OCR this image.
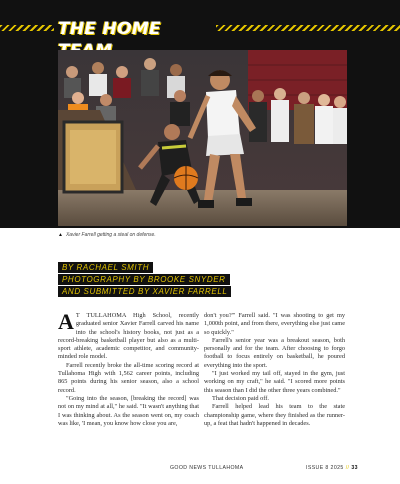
THE HOME
▲ Xavier Farrell getting a steal on defense.
BY RACHAEL SMITH
PHOTOGRAPHY BY BROOKE SNYDER
AND SUBMITTED BY XAVIER FARRELL

A T TULLAHOMA High School, recently graduated senior Xavier Farrell carved his name into the school's history books, not just as a record-breaking basketball player but also as a multi-sport athlete, academic competitor, and community-minded role model.

Farrell recently broke the all-time scoring record at Tullahoma High with 1,562 career points, including 865 points during his senior season, also a school record.

"Going into the season, [breaking the record] was not on my mind at all," he said. "It wasn't anything that I was thinking about. As the season went on, my coach was like, 'I mean, you know how close you are,

don't you?'" Farrell said. "I was shooting to get my 1,000th point, and from there, everything else just came so quickly."

Farrell's senior year was a breakout season, both personally and for the team. After choosing to forgo football to focus entirely on basketball, he poured everything into the sport.

"I just worked my tail off, stayed in the gym, just working on my craft," he said. "I scored more points this season than I did the other three years combined."

That decision paid off.

Farrell helped lead his team to the state championship game, where they finished as the runner-up, a feat that hadn't happened in decades.

GOOD NEWS TULLAHOMA	ISSUE 8 2025 // 33
